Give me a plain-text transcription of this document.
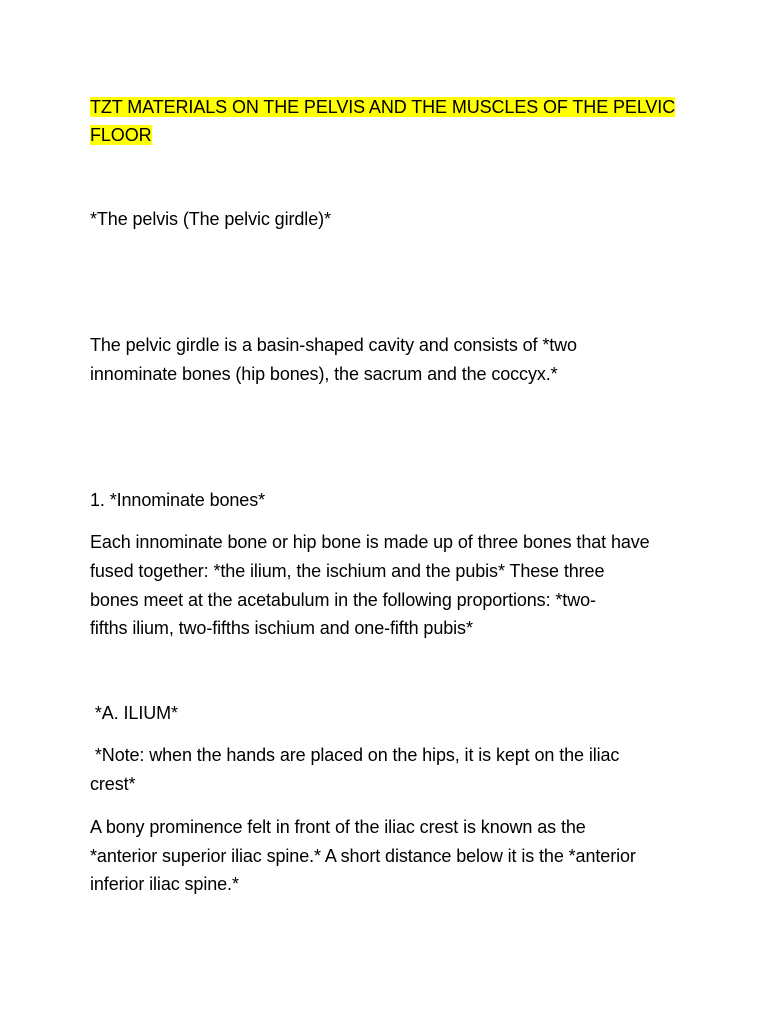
TZT MATERIALS ON THE PELVIS AND THE MUSCLES OF THE PELVIC
FLOOR
*The pelvis (The pelvic girdle)*
The pelvic girdle is a basin-shaped cavity and consists of *two
innominate bones (hip bones), the sacrum and the coccyx.*
1. *Innominate bones*
Each innominate bone or hip bone is made up of three bones that have
fused together: *the ilium, the ischium and the pubis* These three
bones meet at the acetabulum in the following proportions: *two-
fifths ilium, two-fifths ischium and one-fifth pubis*
*A. ILIUM*
*Note: when the hands are placed on the hips, it is kept on the iliac
crest*
A bony prominence felt in front of the iliac crest is known as the
*anterior superior iliac spine.* A short distance below it is the *anterior
inferior iliac spine.*
